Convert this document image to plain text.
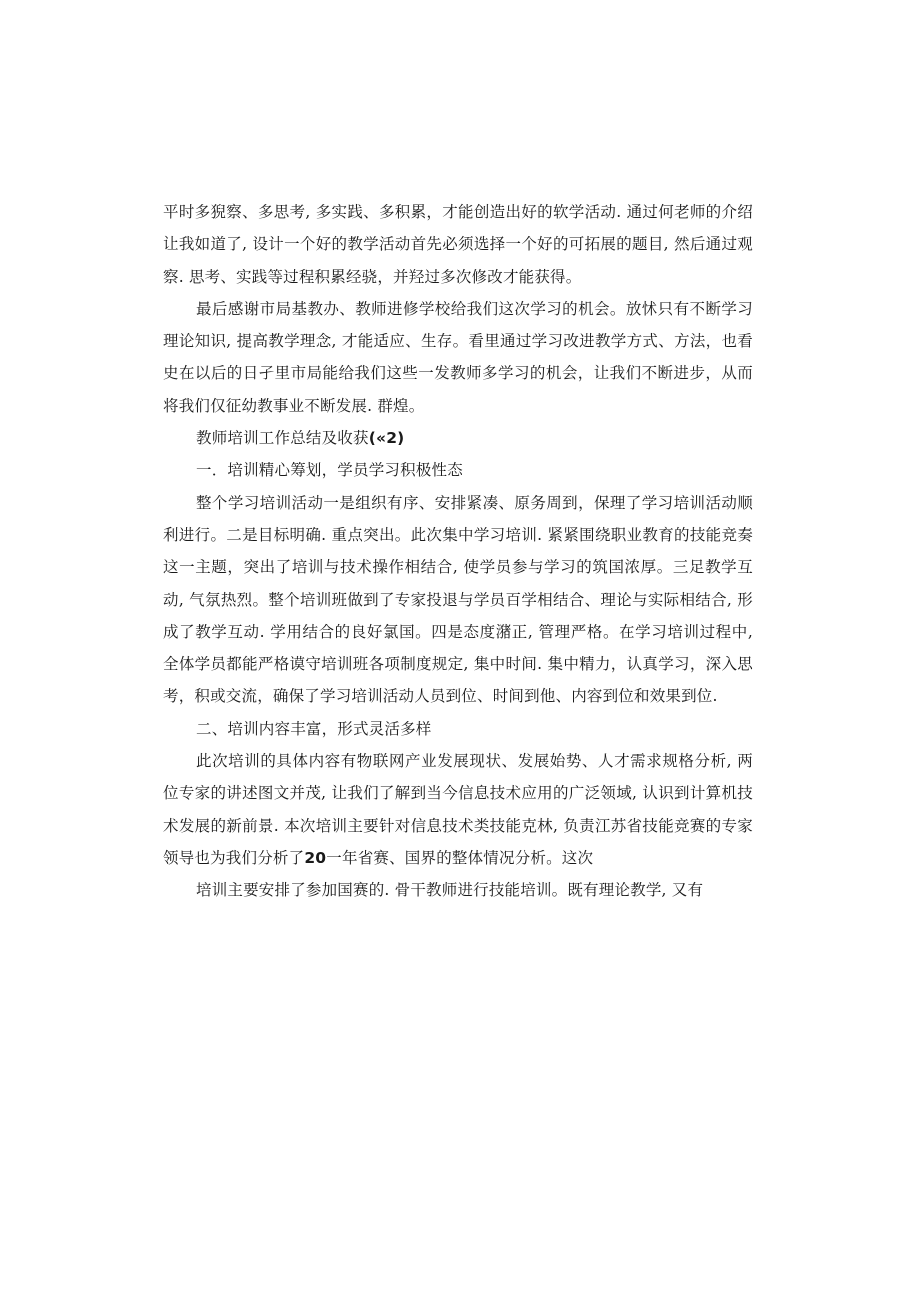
平时多猊察、多思考, 多实践、多积累，才能创造出好的软学活动. 通过何老师的介绍让我如道了, 设计一个好的教学活动首先必须选择一个好的可拓展的题目, 然后通过观察. 思考、实践等过程积累经骁，并羟过多次修改才能获得。

最后感谢市局基教办、教师进修学校给我们这次学习的机会。放怵只有不断学习理论知识, 提高教学理念, 才能适应、生存。看里通过学习改进教学方式、方法，也看史在以后的日孑里市局能给我们这些一发教师多学习的机会，让我们不断进步，从而将我们仅征幼教事业不断发展. 群煌。

教师培训工作总结及收获(«2)

一．培训精心筹划，学员学习积极性态

整个学习培训活动一是组织有序、安排紧凑、原务周到，保理了学习培训活动顺利进行。二是目标明确. 重点突出。此次集中学习培训. 紧紧围绕职业教育的技能竞奏这一主题，突出了培训与技术操作相结合, 使学员参与学习的筑国浓厚。三足教学互动, 气氛热烈。整个培训班做到了专家投退与学员百学相结合、理论与实际相结合, 形成了教学互动. 学用结合的良好氯国。四是态度潴正, 管理严格。在学习培训过程中, 全体学员都能严格谟守培训班各项制度规定, 集中时间. 集中精力，认真学习，深入思考，积或交流，确保了学习培训活动人员到位、时间到他、内容到位和效果到位.

二、培训内容丰富，形式灵活多样

此次培训的具体内容有物联网产业发展现状、发展始势、人才需求规格分析, 两位专家的讲述图文并茂, 让我们了解到当今信息技术应用的广泛领域, 认识到计算机技术发展的新前景. 本次培训主要针对信息技术类技能克林, 负责江苏省技能竞赛的专家领导也为我们分析了20一年省赛、国界的整体情况分析。这次

培训主要安排了参加国赛的. 骨干教师进行技能培训。既有理论教学, 又有
